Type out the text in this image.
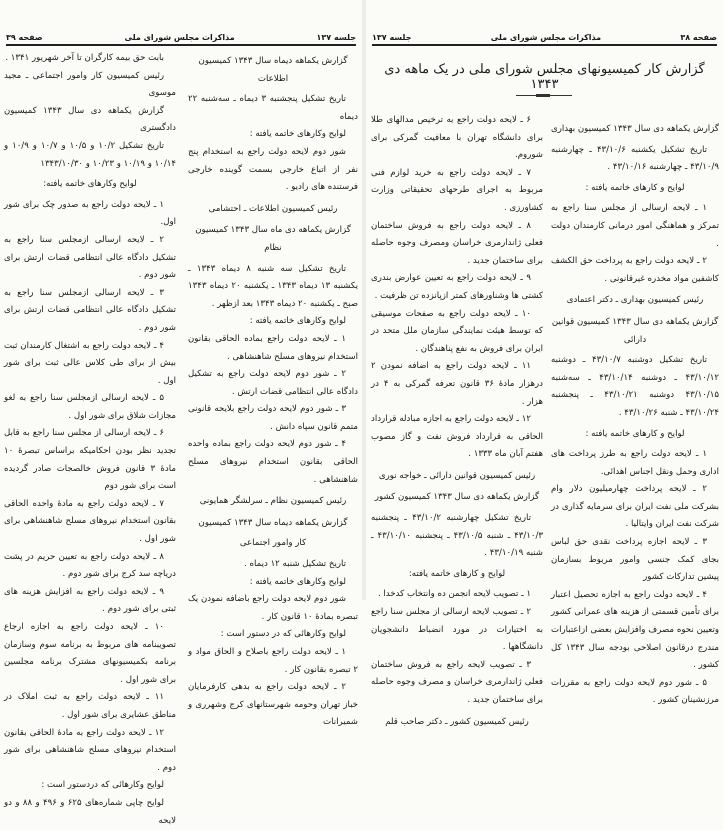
جلسه ۱۳۷
مذاکرات مجلس شورای ملی
صفحه ۳۹

گزارش یکماهه دیماه سال ۱۳۴۳ کمیسیون اطلاعات

تاریخ تشکیل پنجشنبه ۳ دیماه ـ سه‌شنبه ۲۲ دیماه

لوایح وکارهای خاتمه یافته :

شور دوم لایحه دولت راجع به استخدام پنج نفر از اتباع خارجی بسمت گوینده خارجی فرستنده های رادیو .

رئیس کمیسیون اطلاعات ـ احتشامی

گزارش یکماهه دی ماه سال ۱۳۴۳ کمیسیون نظام

تاریخ تشکیل سه شنبه ۸ دیماه ۱۳۴۳ ـ یکشنبه ۱۳ دیماه ۱۳۴۳ ـ یکشنبه ۲۰ دیماه ۱۳۴۳ صبح ـ یکشنبه ۲۰ دیماه ۱۳۴۳ بعد ازظهر .

لوایح وکارهای خاتمه یافته :

۱ ـ لایحه دولت راجع بماده الحاقی بقانون استخدام نیروهای مسلح شاهنشاهی .

۲ ـ شور دوم لایحه دولت راجع به تشکیل دادگاه عالی انتظامی قضات ارتش .

۳ ـ شور دوم لایحه دولت راجع بلایحه قانونی متمم قانون سپاه دانش .

۴ ـ شور دوم لایحه دولت راجع بماده واحده الحاقی بقانون استخدام نیروهای مسلح شاهنشاهی .

رئیس کمیسیون نظام ـ سرلشگر همایونی

گزارش یکماهه دیماه سال ۱۳۴۳ کمیسیون

کار وامور اجتماعی

تاریخ تشکیل شنبه ۱۲ دیماه .

لوایح وکارهای خاتمه یافته :

شور دوم لایحه دولت راجع باضافه نمودن یک تبصره بمادهٔ ۱۰ قانون کار .

لوایح وکارهائی که در دستور است :

۱ ـ لایحه دولت راجع باصلاح و الحاق مواد و ۲ تبصره بقانون کار .

۲ ـ لایحه دولت راجع به بدهی کارفرمایان خباز تهران وحومه شهرستانهای کرج وشهرری و شمیرانات

بابت حق بیمه کارگران تا آخر شهریور ۱۳۴۱ .

رئیس کمیسیون کار وامور اجتماعی ـ مجید موسوی

گزارش یکماهه دی سال ۱۳۴۳ کمیسیون دادگستری

تاریخ تشکیل ۱۰/۲ و ۱۰/۵ و ۱۰/۷ و ۱۰/۹ و ۱۰/۱۴ و ۱۰/۱۹ و ۱۰/۲۳ و ۱۳۴۳/۱۰/۳۰

لوایح وکارهای خاتمه یافته:

۱ ـ لایحه دولت راجع به صدور چک برای شور اول.

۲ ـ لایحه ارسالی ازمجلس سنا راجع به تشکیل دادگاه عالی انتظامی قضات ارتش برای شور دوم .

۳ ـ لایحه ارسالی ازمجلس سنا راجع به تشکیل دادگاه عالی انتظامی قضات ارتش برای شور دوم .

۴ ـ لایحه دولت راجع به اشتغال کارمندان ثبت بیش از برای طی کلاس عالی ثبت برای شور اول .

۵ ـ لایحه ارسالی ازمجلس سنا راجع به لغو مجازات شلاق برای شور اول .

۶ ـ لایحه ارسالی از مجلس سنا راجع به قابل تجدید نظر بودن احکامیکه براساس تبصرهٔ ۱۰ مادهٔ ۳ قانون فروش خالصجات صادر گردیده است برای شور دوم

۷ ـ لایحه دولت راجع به مادهٔ واحده الحاقی بقانون استخدام نیروهای مسلح شاهنشاهی برای شور اول .

۸ ـ لایحه دولت راجع به تعیین حریم در پشت دریاچه سد کرج برای شور دوم .

۹ ـ لایحه دولت راجع به افزایش هزینه های ثبتی برای شور دوم .

۱۰ ـ لایحه دولت راجع به اجازه ارجاع تصویبنامه های مربوط به برنامه سوم وسازمان برنامه بکمیسیونهای مشترک برنامه مجلسین برای شور اول .

۱۱ ـ لایحه دولت راجع به ثبت املاک در مناطق عشایری برای شور اول .

۱۲ ـ لایحه دولت راجع به مادهٔ الحاقی بقانون استخدام نیروهای مسلح شاهنشاهی برای شور دوم .

لوایح وکارهائی که دردستور است :

لوایح چاپی شماره‌های ۶۲۵ و ۴۹۶ و ۸۸ و دو لایحه

صفحه ۳۸
مذاکرات مجلس شورای ملی
جلسه ۱۳۷
گزارش کار کمیسیونهای مجلس شورای ملی در یک ماهه دی ۱۳۴۳

گزارش یکماهه دی سال ۱۳۴۳ کمیسیون بهداری

تاریخ تشکیل یکشنبه ۴۳/۱۰/۶ ـ چهارشنبه ۴۳/۱۰/۹ ـ چهارشنبه ۴۳/۱۰/۱۶ .

لوایح و کارهای خاتمه یافته :

۱ ـ لایحه ارسالی از مجلس سنا راجع به تمرکز و هماهنگی امور درمانی کارمندان دولت .

۲ ـ لایحه دولت راجع به پرداخت حق الکشف کاشفین مواد مخدره غیرقانونی .

رئیس کمیسیون بهداری ـ دکتر اعتمادی

گزارش یکماهه دی سال ۱۳۴۳ کمیسیون قوانین دارائی

تاریخ تشکیل دوشنبه ۴۳/۱۰/۷ ـ دوشنبه ۴۳/۱۰/۱۲ ـ دوشنبه ۴۳/۱۰/۱۴ ـ سه‌شنبه ۴۳/۱۰/۱۵ دوشنبه ۴۳/۱۰/۲۱ ـ پنجشنبه ۴۳/۱۰/۲۴ ـ شنبه ۴۳/۱۰/۲۶ .

لوایح و کارهای خاتمه یافته :

۱ ـ لایحه دولت راجع به طرز پرداخت های اداری وحمل ونقل اجناس اهدائی.

۲ ـ لایحه پرداخت چهارمیلیون دلار وام بشرکت ملی نفت ایران برای سرمایه گذاری در شرکت نفت ایران وایتالیا .

۳ ـ لایحه اجازه پرداخت نقدی حق لباس بجای کمک جنسی وامور مربوط بسازمان پیشین تدارکات کشور

۴ ـ لایحه دولت راجع به اجازه تحصیل اعتبار برای تأمین قسمتی از هزینه های عمرانی کشور وتعیین نحوه مصرف وافزایش بعضی ازاعتبارات مندرج درقانون اصلاحی بودجه سال ۱۳۴۳ کل کشور .

۵ ـ شور دوم لایحه دولت راجع به مقررات مرزنشینان کشور .

۶ ـ لایحه دولت راجع به ترخیص مدالهای طلا برای دانشگاه تهران با معافیت گمرکی برای شوروم.

۷ ـ لایحه دولت راجع به خرید لوازم فنی مربوط به اجرای طرحهای تحقیقاتی وزارت کشاورزی .

۸ ـ لایحه دولت راجع به فروش ساختمان فعلی ژاندارمری خراسان ومصرف وجوه حاصله برای ساختمان جدید .

۹ ـ لایحه دولت راجع به تعیین عوارض بندری کشتی ها وشناورهای کمتر ازپانزده تن ظرفیت .

۱۰ ـ لایحه دولت راجع به صفحات موسیقی که توسط هیئت نمایندگی سازمان ملل متحد در ایران برای فروش به نفع پناهندگان .

۱۱ ـ لایحه دولت راجع به اضافه نمودن ۲ درهزار مادهٔ ۳۶ قانون تعرفه گمرکی به ۴ در هزار .

۱۲ ـ لایحه دولت راجع به اجازه مبادله قرارداد الحاقی به قرارداد فروش نفت و گاز مصوب هفتم آبان ماه ۱۳۳۳ .

رئیس کمیسیون قوانین دارائی ـ خواجه نوری

گزارش یکماهه دی سال ۱۳۴۳ کمیسیون کشور

تاریخ تشکیل چهارشنبه ۴۳/۱۰/۲ ـ پنجشنبه ۴۳/۱۰/۳ ـ شنبه ۴۳/۱۰/۵ ـ پنجشنبه ۴۳/۱۰/۱۰ ـ شنبه ۴۳/۱۰/۱۹ .

لوایح و کارهای خاتمه یافته:

۱ ـ تصویب لایحه انجمن ده وانتخاب کدخدا .

۲ ـ تصویب لایحه ارسالی از مجلس سنا راجع به اختیارات در مورد انضباط دانشجویان دانشگاهها .

۳ ـ تصویب لایحه راجع به فروش ساختمان فعلی ژاندارمری خراسان و مصرف وجوه حاصله برای ساختمان جدید .

رئیس کمیسیون کشور ـ دکتر صاحب قلم
